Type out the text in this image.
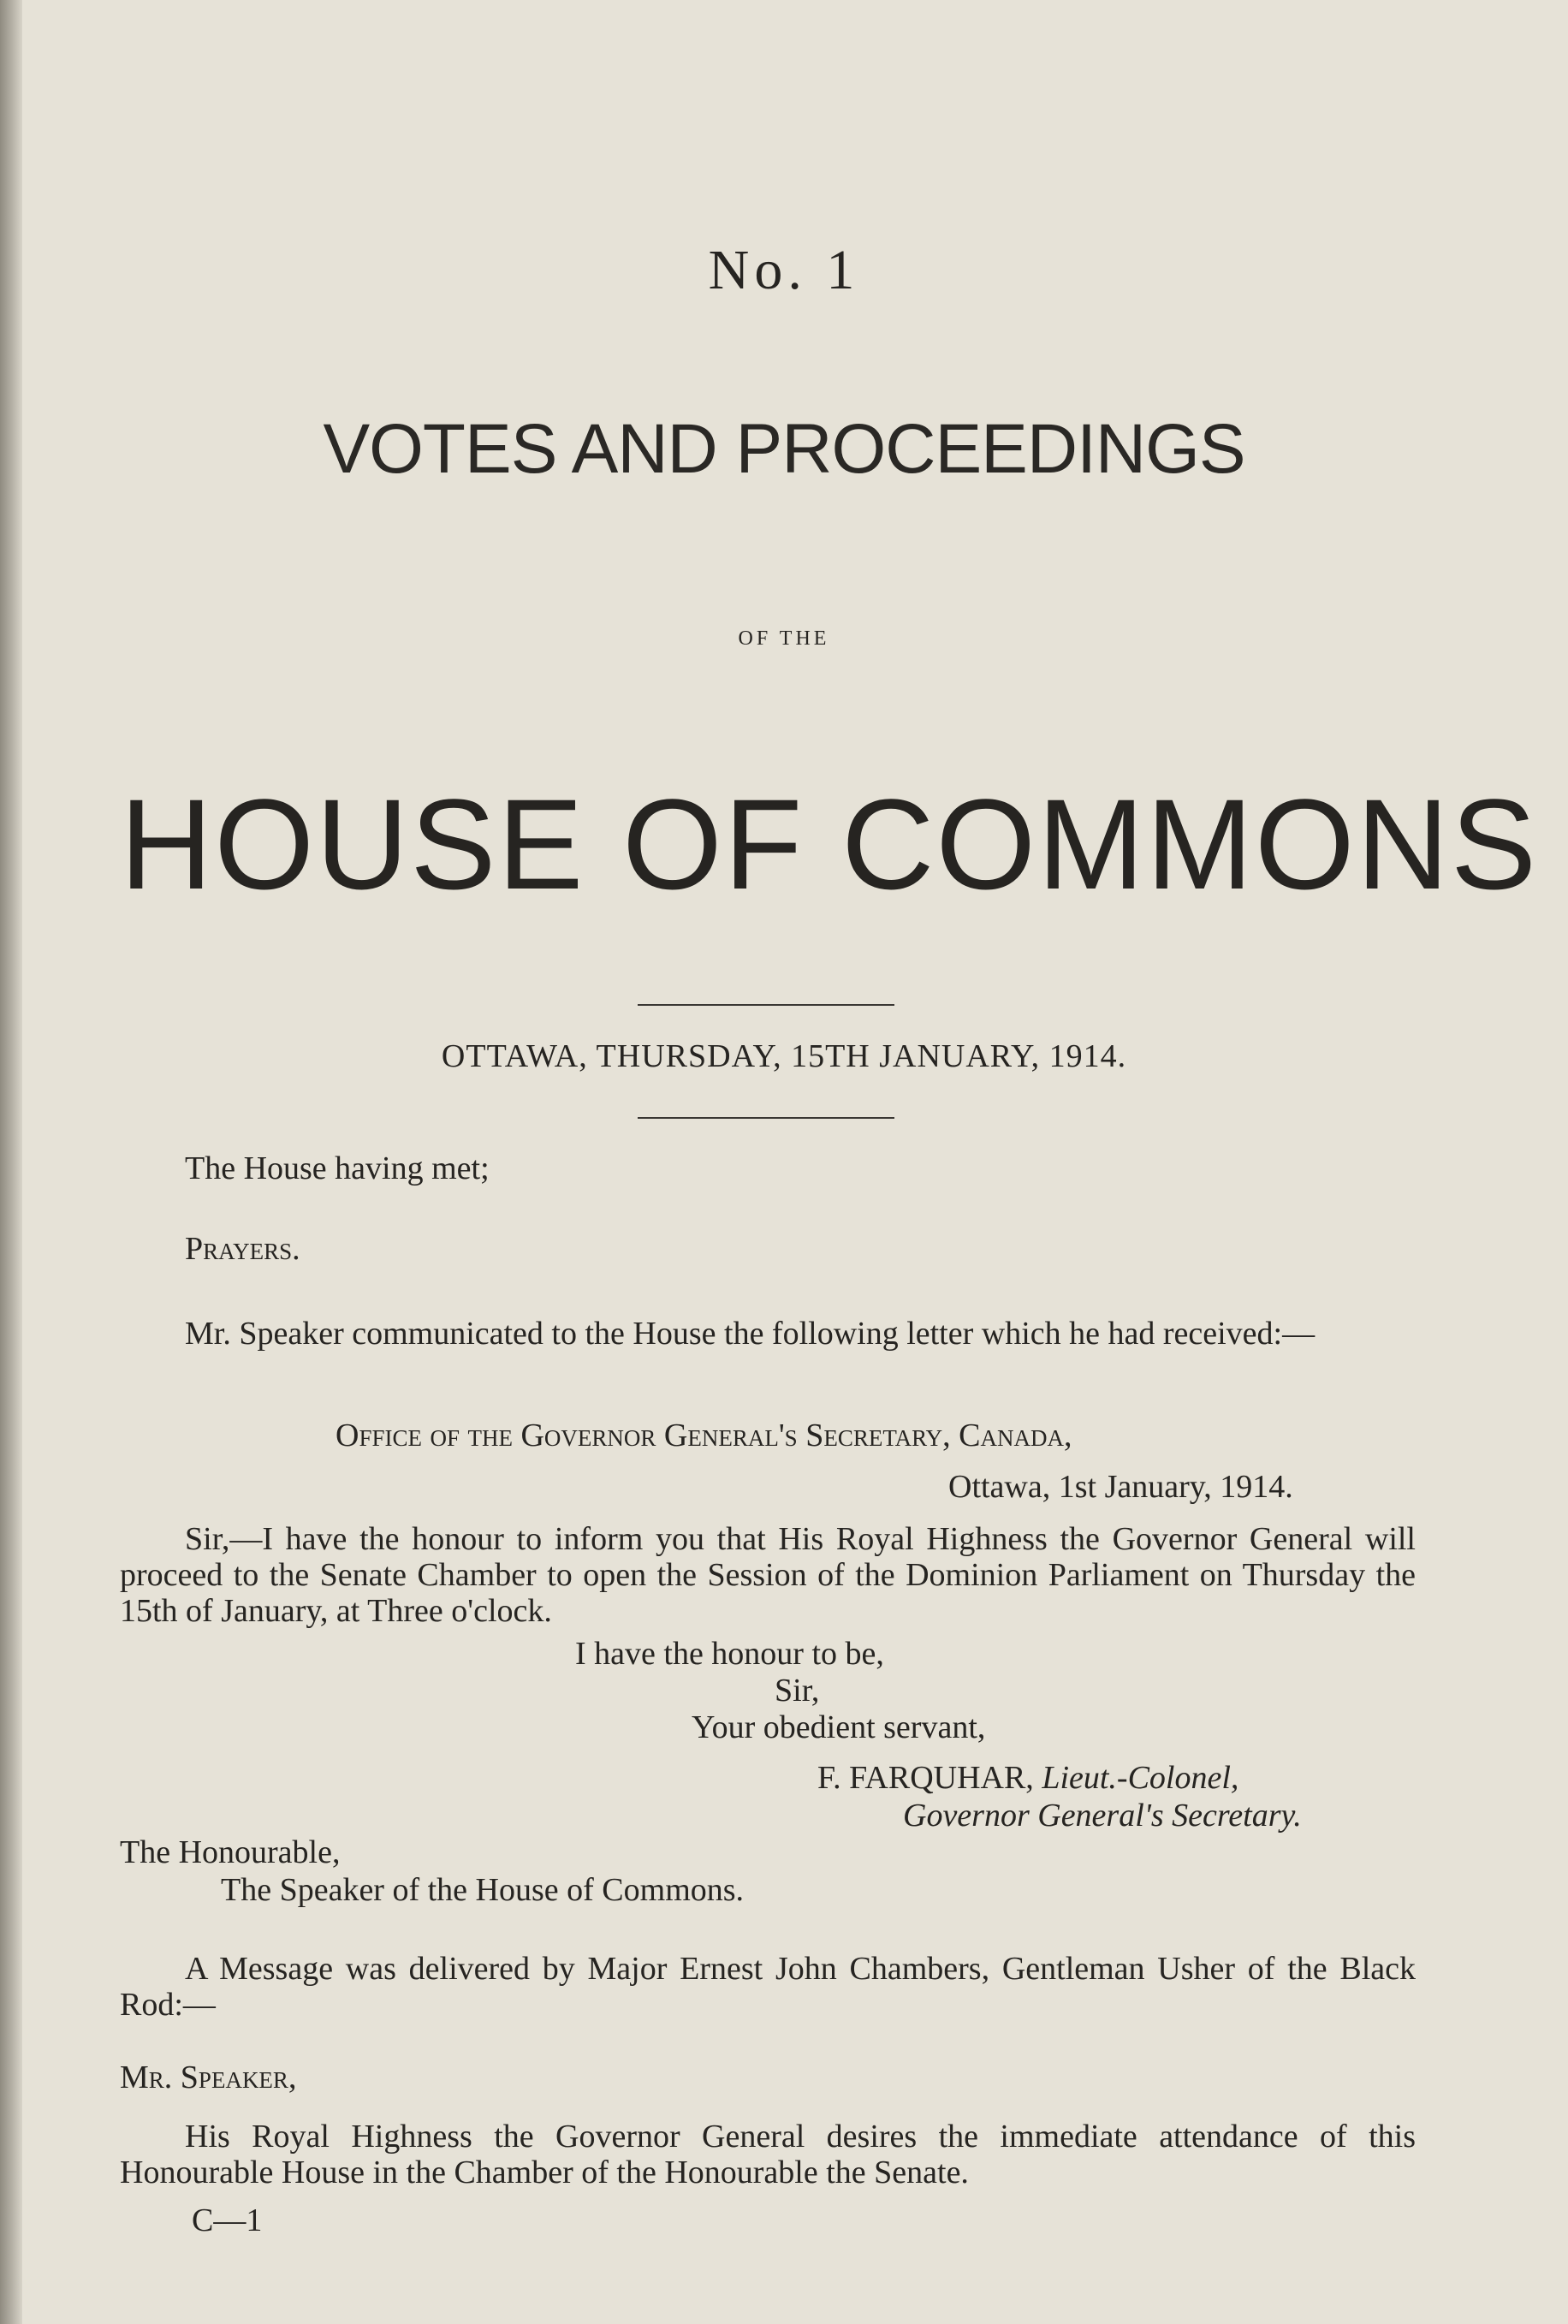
No. 1
VOTES AND PROCEEDINGS
OF THE
HOUSE OF COMMONS
OTTAWA, THURSDAY, 15TH JANUARY, 1914.
The House having met;
Prayers.
Mr. Speaker communicated to the House the following letter which he had received:—
Office of the Governor General's Secretary, Canada,
Ottawa, 1st January, 1914.
Sir,—I have the honour to inform you that His Royal Highness the Governor General will proceed to the Senate Chamber to open the Session of the Dominion Parliament on Thursday the 15th of January, at Three o'clock.
I have the honour to be,
Sir,
Your obedient servant,
F. FARQUHAR, Lieut.-Colonel,
Governor General's Secretary.
The Honourable,
The Speaker of the House of Commons.
A Message was delivered by Major Ernest John Chambers, Gentleman Usher of the Black Rod:—
Mr. Speaker,
His Royal Highness the Governor General desires the immediate attendance of this Honourable House in the Chamber of the Honourable the Senate.
C—1
